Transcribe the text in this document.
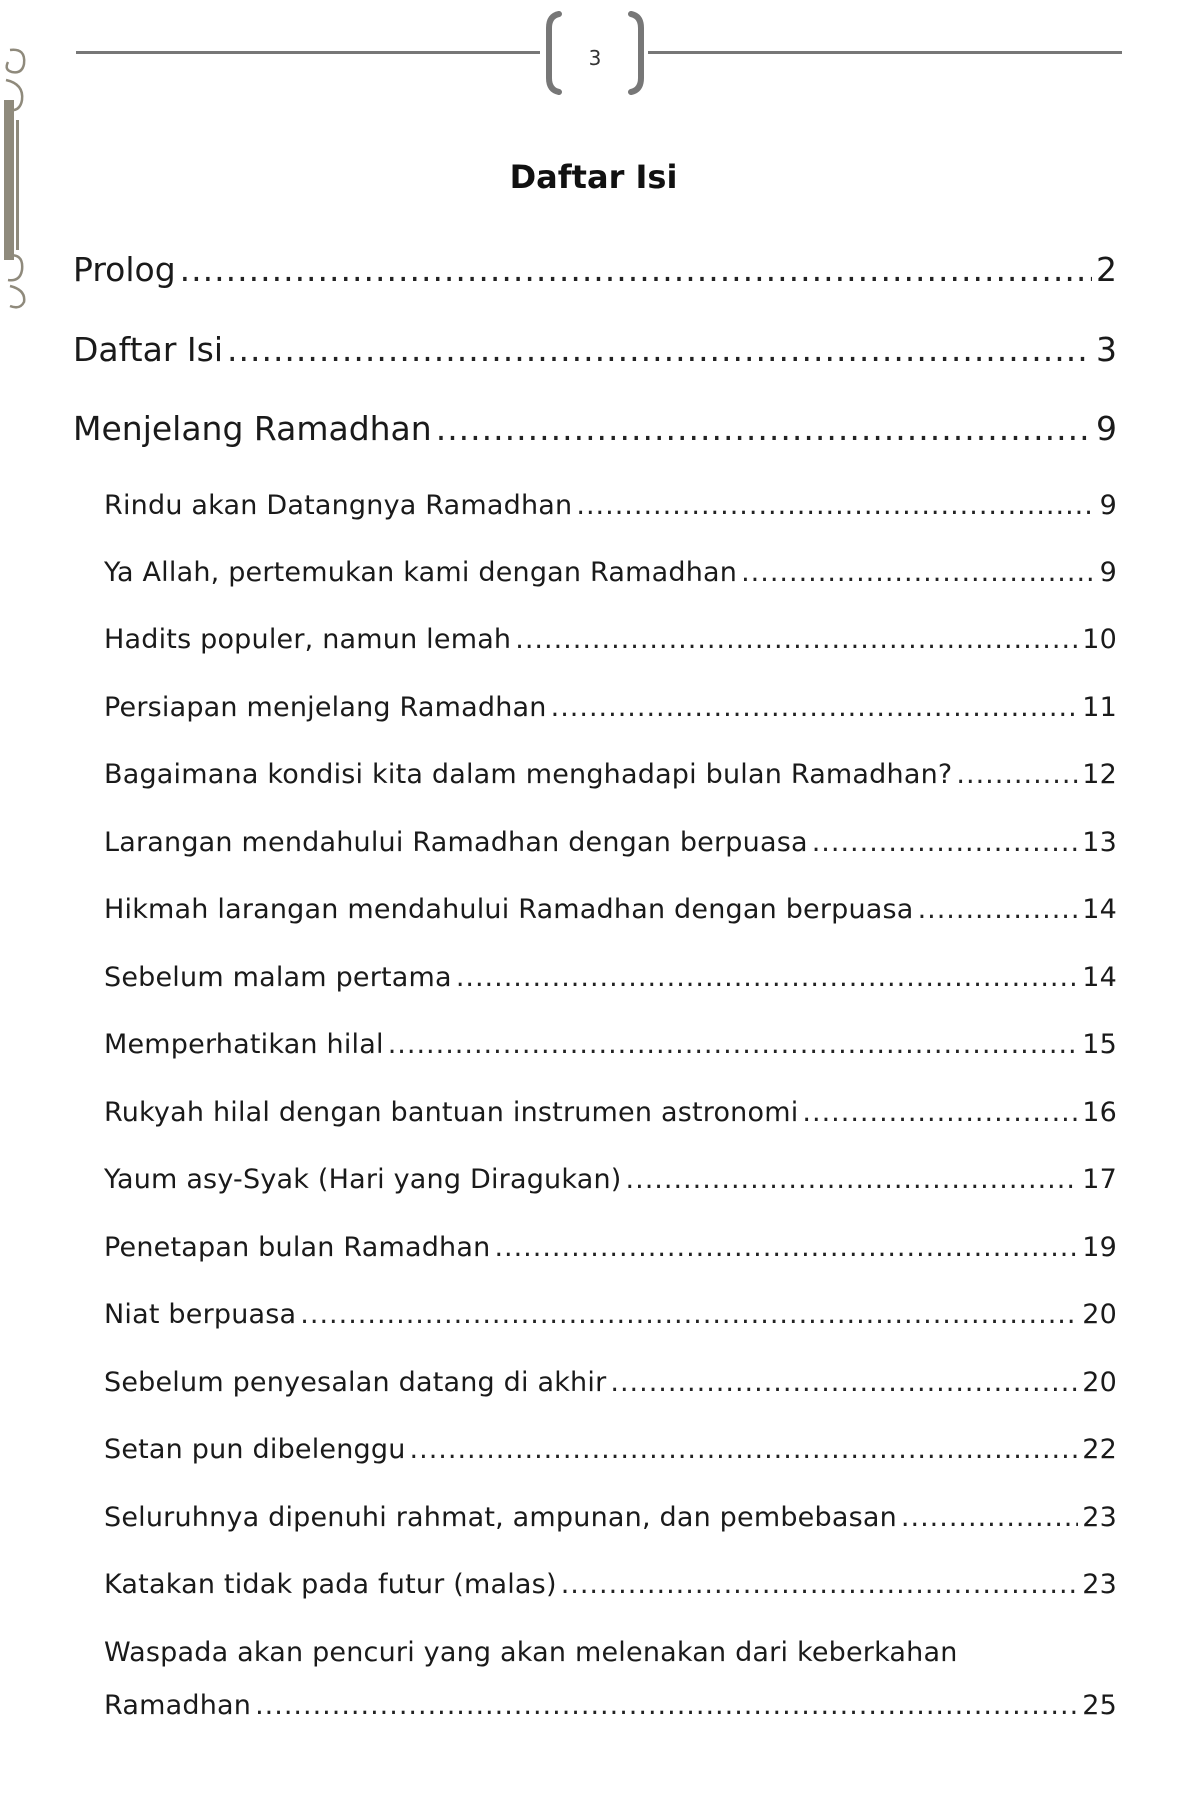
3
Daftar Isi
Prolog .....	2
Daftar Isi .....	3
Menjelang Ramadhan .....	9
Rindu akan Datangnya Ramadhan .....	9
Ya Allah, pertemukan kami dengan Ramadhan .....	9
Hadits populer, namun lemah .....	10
Persiapan menjelang Ramadhan .....	11
Bagaimana kondisi kita dalam menghadapi bulan Ramadhan? .....	12
Larangan mendahului Ramadhan dengan berpuasa .....	13
Hikmah larangan mendahului Ramadhan dengan berpuasa .....	14
Sebelum malam pertama .....	14
Memperhatikan hilal .....	15
Rukyah hilal dengan bantuan instrumen astronomi .....	16
Yaum asy-Syak (Hari yang Diragukan) .....	17
Penetapan bulan Ramadhan .....	19
Niat berpuasa .....	20
Sebelum penyesalan datang di akhir .....	20
Setan pun dibelenggu .....	22
Seluruhnya dipenuhi rahmat, ampunan, dan pembebasan .....	23
Katakan tidak pada futur (malas) .....	23
Waspada akan pencuri yang akan melenakan dari keberkahan
Ramadhan .....	25
